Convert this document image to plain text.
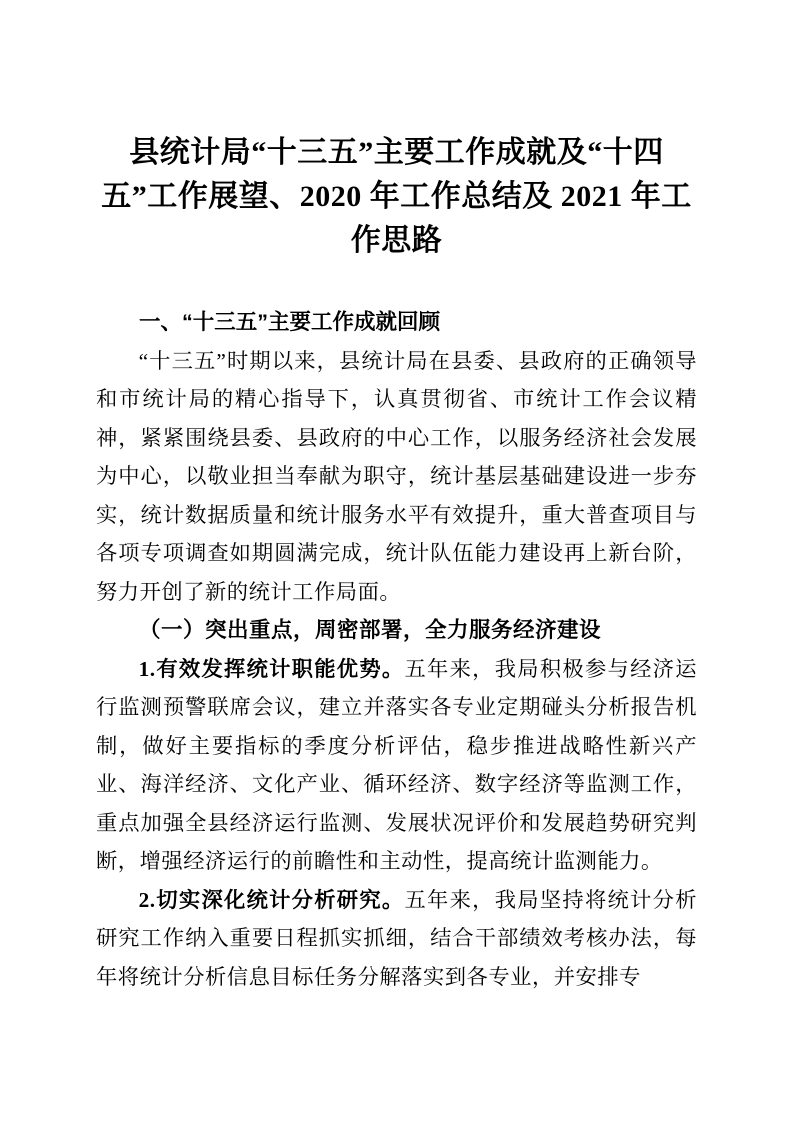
县统计局“十三五”主要工作成就及“十四五”工作展望、2020 年工作总结及 2021 年工作思路
一、“十三五”主要工作成就回顾

“十三五”时期以来，县统计局在县委、县政府的正确领导和市统计局的精心指导下，认真贯彻省、市统计工作会议精神，紧紧围绕县委、县政府的中心工作，以服务经济社会发展为中心，以敬业担当奉献为职守，统计基层基础建设进一步夯实，统计数据质量和统计服务水平有效提升，重大普查项目与各项专项调查如期圆满完成，统计队伍能力建设再上新台阶，努力开创了新的统计工作局面。

（一）突出重点，周密部署，全力服务经济建设

1.有效发挥统计职能优势。五年来，我局积极参与经济运行监测预警联席会议，建立并落实各专业定期碰头分析报告机制，做好主要指标的季度分析评估，稳步推进战略性新兴产业、海洋经济、文化产业、循环经济、数字经济等监测工作，重点加强全县经济运行监测、发展状况评价和发展趋势研究判断，增强经济运行的前瞻性和主动性，提高统计监测能力。

2.切实深化统计分析研究。五年来，我局坚持将统计分析研究工作纳入重要日程抓实抓细，结合干部绩效考核办法，每年将统计分析信息目标任务分解落实到各专业，并安排专
